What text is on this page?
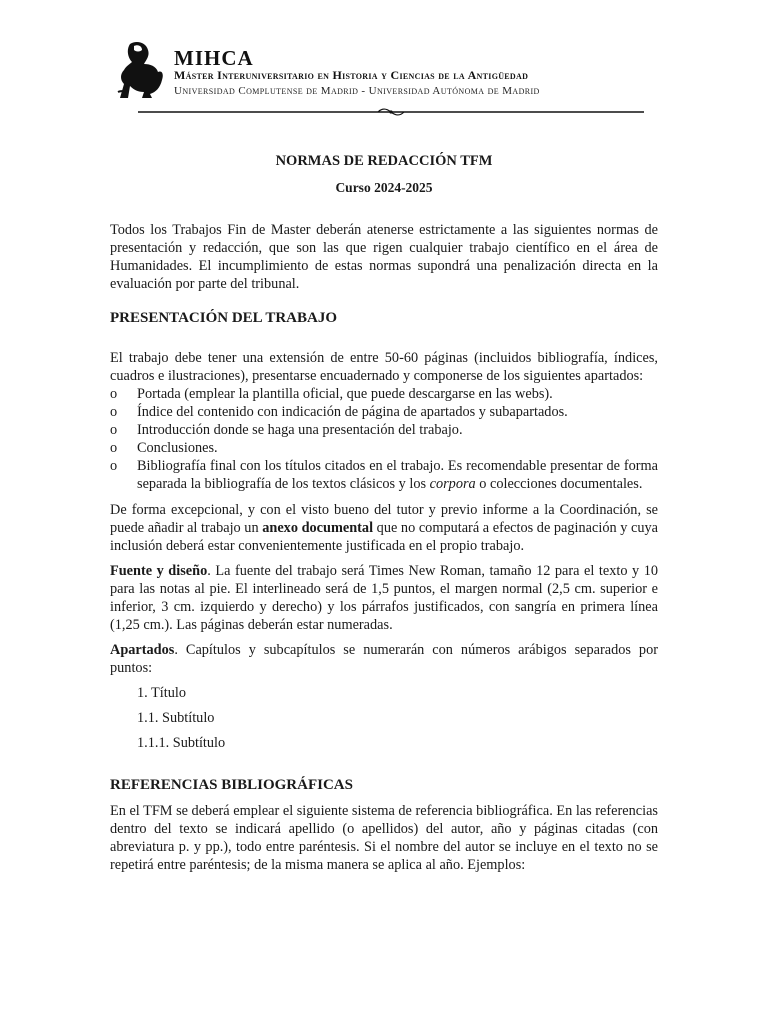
MIHCA
Máster Interuniversitario en Historia y Ciencias de la Antigüedad
Universidad Complutense de Madrid - Universidad Autónoma de Madrid

NORMAS DE REDACCIÓN TFM

Curso 2024-2025

Todos los Trabajos Fin de Master deberán atenerse estrictamente a las siguientes normas de presentación y redacción, que son las que rigen cualquier trabajo científico en el área de Humanidades. El incumplimiento de estas normas supondrá una penalización directa en la evaluación por parte del tribunal.

PRESENTACIÓN DEL TRABAJO

El trabajo debe tener una extensión de entre 50-60 páginas (incluidos bibliografía, índices, cuadros e ilustraciones), presentarse encuadernado y componerse de los siguientes apartados:

o Portada (emplear la plantilla oficial, que puede descargarse en las webs).
o Índice del contenido con indicación de página de apartados y subapartados.
o Introducción donde se haga una presentación del trabajo.
o Conclusiones.
o Bibliografía final con los títulos citados en el trabajo. Es recomendable presentar de forma separada la bibliografía de los textos clásicos y los corpora o colecciones documentales.

De forma excepcional, y con el visto bueno del tutor y previo informe a la Coordinación, se puede añadir al trabajo un anexo documental que no computará a efectos de paginación y cuya inclusión deberá estar convenientemente justificada en el propio trabajo.

Fuente y diseño. La fuente del trabajo será Times New Roman, tamaño 12 para el texto y 10 para las notas al pie. El interlineado será de 1,5 puntos, el margen normal (2,5 cm. superior e inferior, 3 cm. izquierdo y derecho) y los párrafos justificados, con sangría en primera línea (1,25 cm.). Las páginas deberán estar numeradas.

Apartados. Capítulos y subcapítulos se numerarán con números arábigos separados por puntos:

1. Título
1.1. Subtítulo
1.1.1. Subtítulo
REFERENCIAS BIBLIOGRÁFICAS

En el TFM se deberá emplear el siguiente sistema de referencia bibliográfica. En las referencias dentro del texto se indicará apellido (o apellidos) del autor, año y páginas citadas (con abreviatura p. y pp.), todo entre paréntesis. Si el nombre del autor se incluye en el texto no se repetirá entre paréntesis; de la misma manera se aplica al año. Ejemplos:
